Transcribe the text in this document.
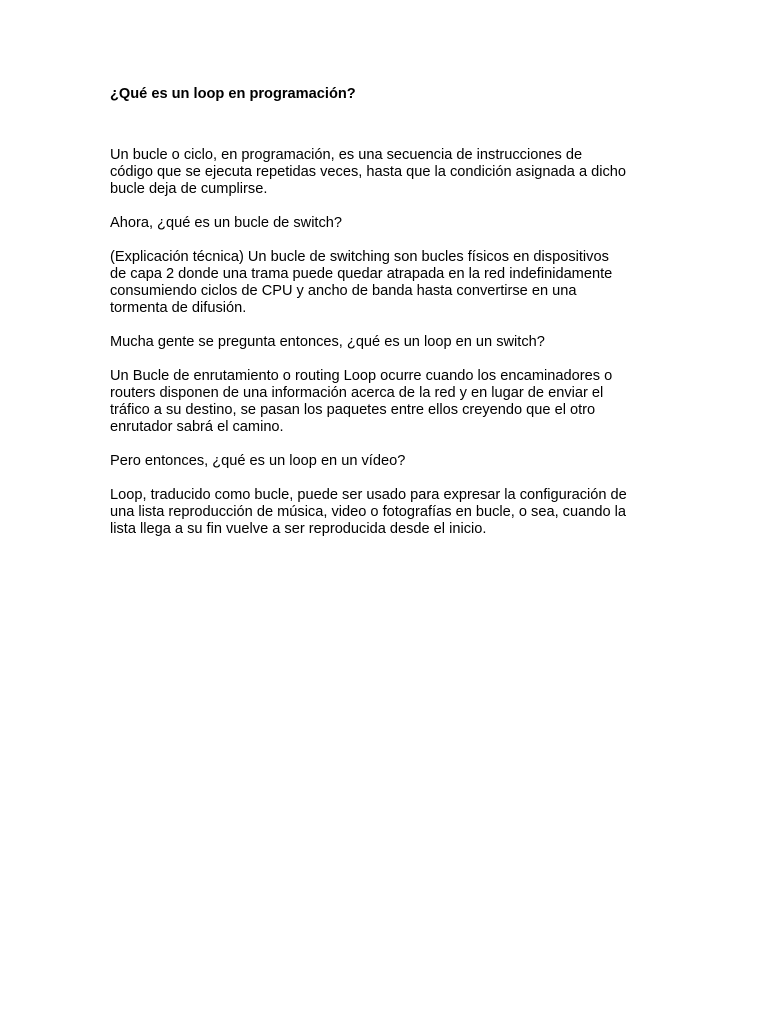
¿Qué es un loop en programación?

Un bucle o ciclo, en programación, es una secuencia de instrucciones de
código que se ejecuta repetidas veces, hasta que la condición asignada a dicho
bucle deja de cumplirse.

Ahora, ¿qué es un bucle de switch?

(Explicación técnica) Un bucle de switching son bucles físicos en dispositivos
de capa 2 donde una trama puede quedar atrapada en la red indefinidamente
consumiendo ciclos de CPU y ancho de banda hasta convertirse en una
tormenta de difusión.

Mucha gente se pregunta entonces, ¿qué es un loop en un switch?

Un Bucle de enrutamiento o routing Loop ocurre cuando los encaminadores o
routers disponen de una información acerca de la red y en lugar de enviar el
tráfico a su destino, se pasan los paquetes entre ellos creyendo que el otro
enrutador sabrá el camino.

Pero entonces, ¿qué es un loop en un vídeo?

Loop, traducido como bucle, puede ser usado para expresar la configuración de
una lista reproducción de música, video o fotografías en bucle, o sea, cuando la
lista llega a su fin vuelve a ser reproducida desde el inicio.
